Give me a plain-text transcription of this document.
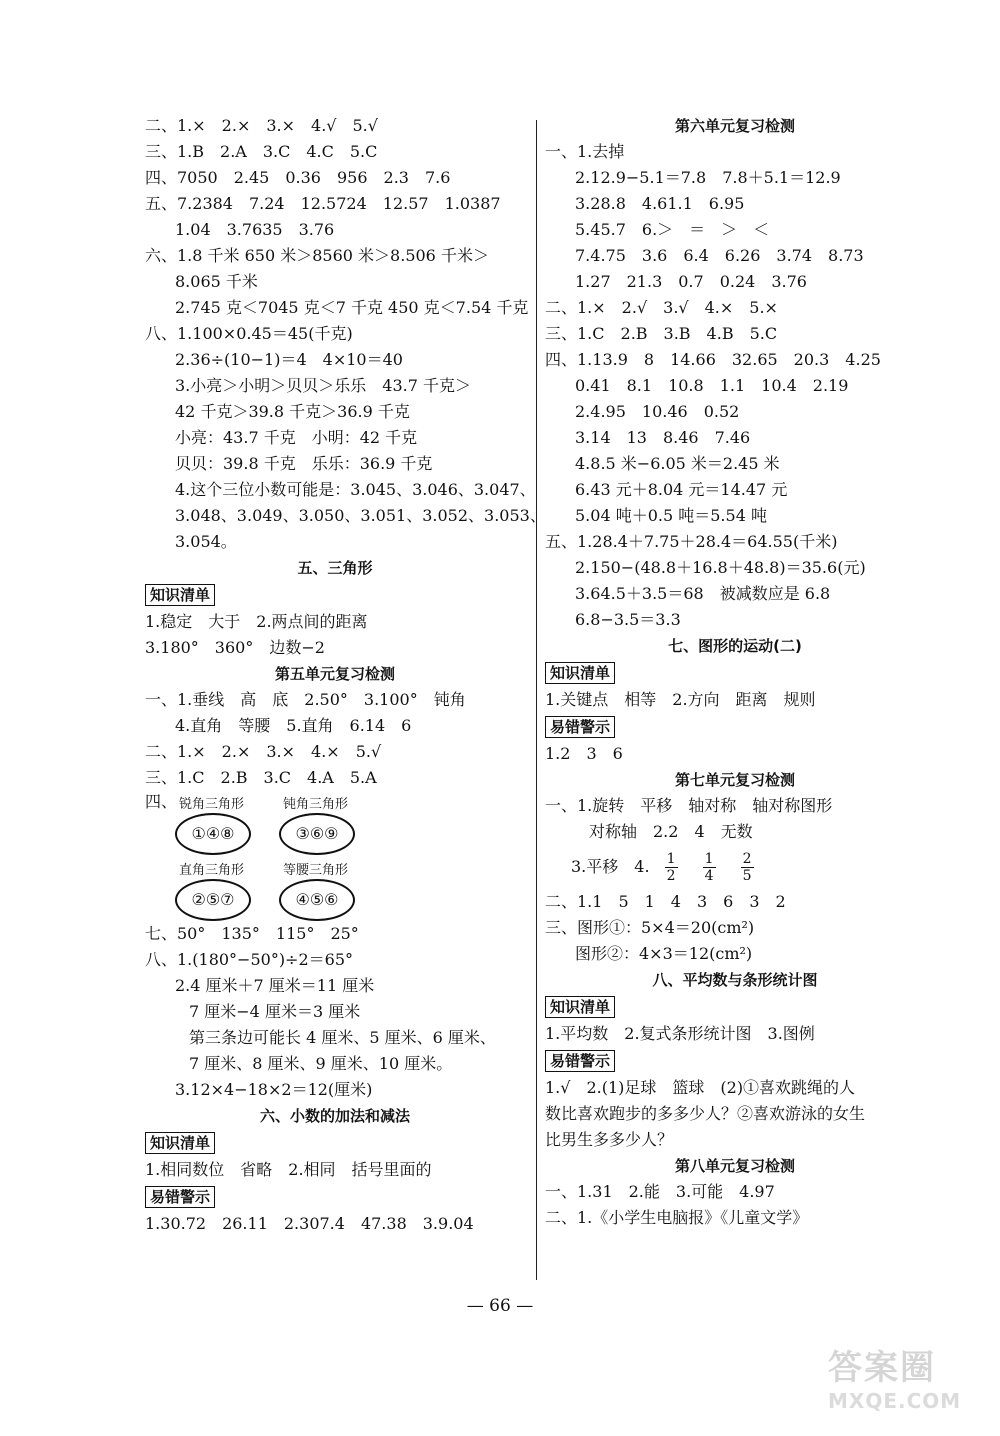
二、1.×　2.×　3.×　4.√　5.√
三、1.B　2.A　3.C　4.C　5.C
四、7050　2.45　0.36　956　2.3　7.6
五、7.2384　7.24　12.5724　12.57　1.0387
1.04　3.7635　3.76
六、1.8 千米 650 米＞8560 米＞8.506 千米＞
8.065 千米
2.745 克＜7045 克＜7 千克 450 克＜7.54 千克
八、1.100×0.45＝45(千克)
2.36÷(10−1)＝4　4×10＝40
3.小亮＞小明＞贝贝＞乐乐　43.7 千克＞
42 千克＞39.8 千克＞36.9 千克
小亮：43.7 千克　小明：42 千克
贝贝：39.8 千克　乐乐：36.9 千克
4.这个三位小数可能是：3.045、3.046、3.047、
3.048、3.049、3.050、3.051、3.052、3.053、
3.054。
五、三角形
知识清单
1.稳定　大于　2.两点间的距离
3.180°　360°　边数−2
第五单元复习检测
一、1.垂线　高　底　2.50°　3.100°　钝角
4.直角　等腰　5.直角　6.14　6
二、1.×　2.×　3.×　4.×　5.√
三、1.C　2.B　3.C　4.A　5.A
四、 锐角三角形	钝角三角形
①④⑧	③⑥⑨
直角三角形	等腰三角形
②⑤⑦	④⑤⑥
七、50°　135°　115°　25°
八、1.(180°−50°)÷2＝65°
2.4 厘米＋7 厘米＝11 厘米
7 厘米−4 厘米＝3 厘米
第三条边可能长 4 厘米、5 厘米、6 厘米、
7 厘米、8 厘米、9 厘米、10 厘米。
3.12×4−18×2＝12(厘米)
六、小数的加法和减法
知识清单
1.相同数位　省略　2.相同　括号里面的
易错警示
1.30.72　26.11　2.307.4　47.38　3.9.04
第六单元复习检测
一、1.去掉
2.12.9−5.1＝7.8　7.8＋5.1＝12.9
3.28.8　4.61.1　6.95
5.45.7　6.＞　＝　＞　＜
7.4.75　3.6　6.4　6.26　3.74　8.73
1.27　21.3　0.7　0.24　3.76
二、1.×　2.√　3.√　4.×　5.×
三、1.C　2.B　3.B　4.B　5.C
四、1.13.9　8　14.66　32.65　20.3　4.25
0.41　8.1　10.8　1.1　10.4　2.19
2.4.95　10.46　0.52
3.14　13　8.46　7.46
4.8.5 米−6.05 米＝2.45 米
6.43 元＋8.04 元＝14.47 元
5.04 吨＋0.5 吨＝5.54 吨
五、1.28.4＋7.75＋28.4＝64.55(千米)
2.150−(48.8＋16.8＋48.8)＝35.6(元)
3.64.5＋3.5＝68　被减数应是 6.8
6.8−3.5＝3.3
七、图形的运动(二)
知识清单
1.关键点　相等　2.方向　距离　规则
易错警示
1.2　3　6
第七单元复习检测
一、1.旋转　平移　轴对称　轴对称图形
对称轴　2.2　4　无数
3.平移　4. $\frac{1}{2}$
$\frac{1}{4}$
$\frac{2}{5}$
二、1.1　5　1　4　3　6　3　2
三、图形①：5×4＝20(cm²)
图形②：4×3＝12(cm²)
八、平均数与条形统计图
知识清单
1.平均数　2.复式条形统计图　3.图例
易错警示
1.√　2.(1)足球　篮球　(2)①喜欢跳绳的人
数比喜欢跑步的多多少人？②喜欢游泳的女生
比男生多多少人？
第八单元复习检测
一、1.31　2.能　3.可能　4.97
二、1.《小学生电脑报》《儿童文学》
— 66 —
答案圈
MXQE.COM
